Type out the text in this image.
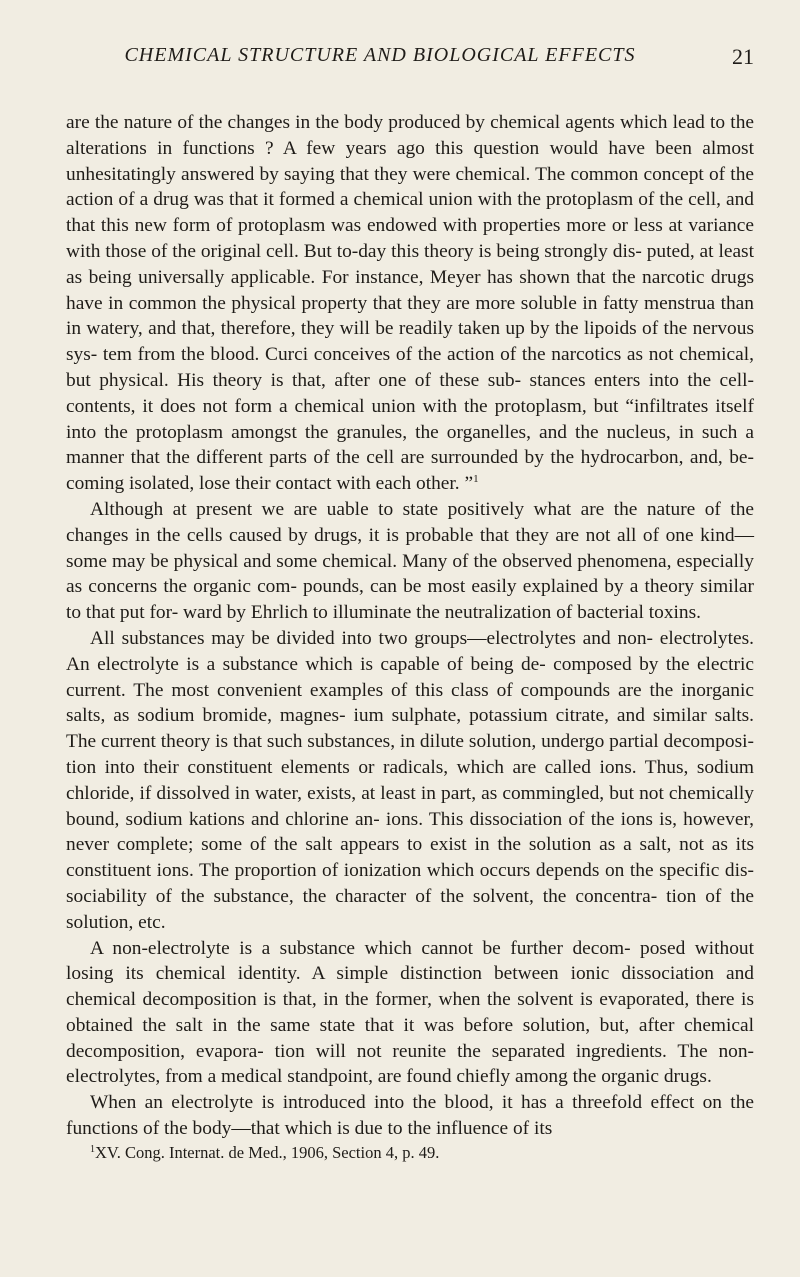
CHEMICAL STRUCTURE AND BIOLOGICAL EFFECTS	21

are the nature of the changes in the body produced by chemical agents which lead to the alterations in functions ? A few years ago this question would have been almost unhesitatingly answered by saying that they were chemical. The common concept of the action of a drug was that it formed a chemical union with the protoplasm of the cell, and that this new form of protoplasm was endowed with properties more or less at variance with those of the original cell. But to-day this theory is being strongly dis- puted, at least as being universally applicable. For instance, Meyer has shown that the narcotic drugs have in common the physical property that they are more soluble in fatty menstrua than in watery, and that, therefore, they will be readily taken up by the lipoids of the nervous sys- tem from the blood. Curci conceives of the action of the narcotics as not chemical, but physical. His theory is that, after one of these sub- stances enters into the cell-contents, it does not form a chemical union with the protoplasm, but “infiltrates itself into the protoplasm amongst the granules, the organelles, and the nucleus, in such a manner that the different parts of the cell are surrounded by the hydrocarbon, and, be- coming isolated, lose their contact with each other. ”$^1$

Although at present we are uable to state positively what are the nature of the changes in the cells caused by drugs, it is probable that they are not all of one kind—some may be physical and some chemical. Many of the observed phenomena, especially as concerns the organic com- pounds, can be most easily explained by a theory similar to that put for- ward by Ehrlich to illuminate the neutralization of bacterial toxins.

All substances may be divided into two groups—electrolytes and non- electrolytes. An electrolyte is a substance which is capable of being de- composed by the electric current. The most convenient examples of this class of compounds are the inorganic salts, as sodium bromide, magnes- ium sulphate, potassium citrate, and similar salts. The current theory is that such substances, in dilute solution, undergo partial decomposi- tion into their constituent elements or radicals, which are called ions. Thus, sodium chloride, if dissolved in water, exists, at least in part, as commingled, but not chemically bound, sodium kations and chlorine an- ions. This dissociation of the ions is, however, never complete; some of the salt appears to exist in the solution as a salt, not as its constituent ions. The proportion of ionization which occurs depends on the specific dis- sociability of the substance, the character of the solvent, the concentra- tion of the solution, etc.

A non-electrolyte is a substance which cannot be further decom- posed without losing its chemical identity. A simple distinction between ionic dissociation and chemical decomposition is that, in the former, when the solvent is evaporated, there is obtained the salt in the same state that it was before solution, but, after chemical decomposition, evapora- tion will not reunite the separated ingredients. The non-electrolytes, from a medical standpoint, are found chiefly among the organic drugs.

When an electrolyte is introduced into the blood, it has a threefold effect on the functions of the body—that which is due to the influence of its

$^1$XV. Cong. Internat. de Med., 1906, Section 4, p. 49.
